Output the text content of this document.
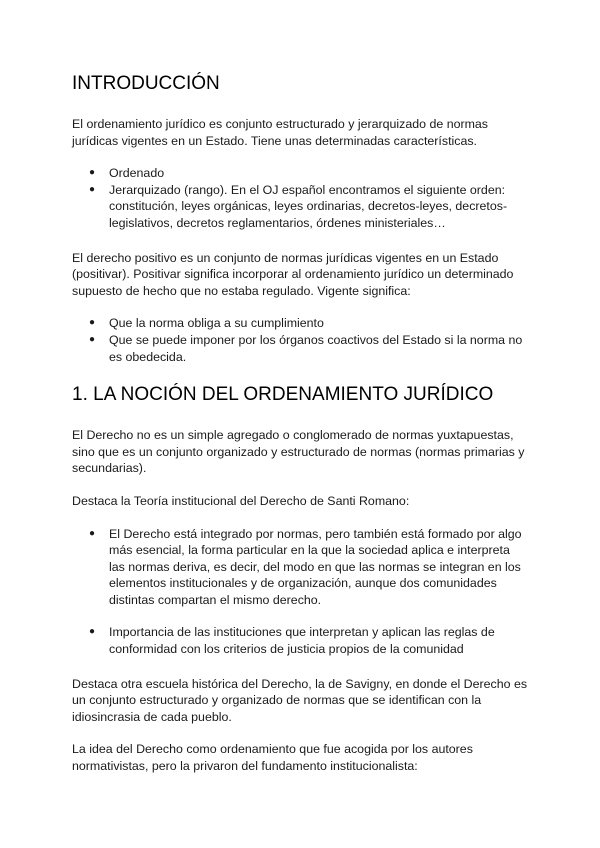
INTRODUCCIÓN

El ordenamiento jurídico es conjunto estructurado y jerarquizado de normas jurídicas vigentes en un Estado. Tiene unas determinadas características.

● Ordenado
● Jerarquizado (rango). En el OJ español encontramos el siguiente orden: constitución, leyes orgánicas, leyes ordinarias, decretos-leyes, decretos-legislativos, decretos reglamentarios, órdenes ministeriales…

El derecho positivo es un conjunto de normas jurídicas vigentes en un Estado (positivar). Positivar significa incorporar al ordenamiento jurídico un determinado supuesto de hecho que no estaba regulado. Vigente significa:

● Que la norma obliga a su cumplimiento
● Que se puede imponer por los órganos coactivos del Estado si la norma no es obedecida.
1. LA NOCIÓN DEL ORDENAMIENTO JURÍDICO

El Derecho no es un simple agregado o conglomerado de normas yuxtapuestas, sino que es un conjunto organizado y estructurado de normas (normas primarias y secundarias).

Destaca la Teoría institucional del Derecho de Santi Romano:

● El Derecho está integrado por normas, pero también está formado por algo más esencial, la forma particular en la que la sociedad aplica e interpreta las normas deriva, es decir, del modo en que las normas se integran en los elementos institucionales y de organización, aunque dos comunidades distintas compartan el mismo derecho.
● Importancia de las instituciones que interpretan y aplican las reglas de conformidad con los criterios de justicia propios de la comunidad

Destaca otra escuela histórica del Derecho, la de Savigny, en donde el Derecho es un conjunto estructurado y organizado de normas que se identifican con la idiosincrasia de cada pueblo.

La idea del Derecho como ordenamiento que fue acogida por los autores normativistas, pero la privaron del fundamento institucionalista:
